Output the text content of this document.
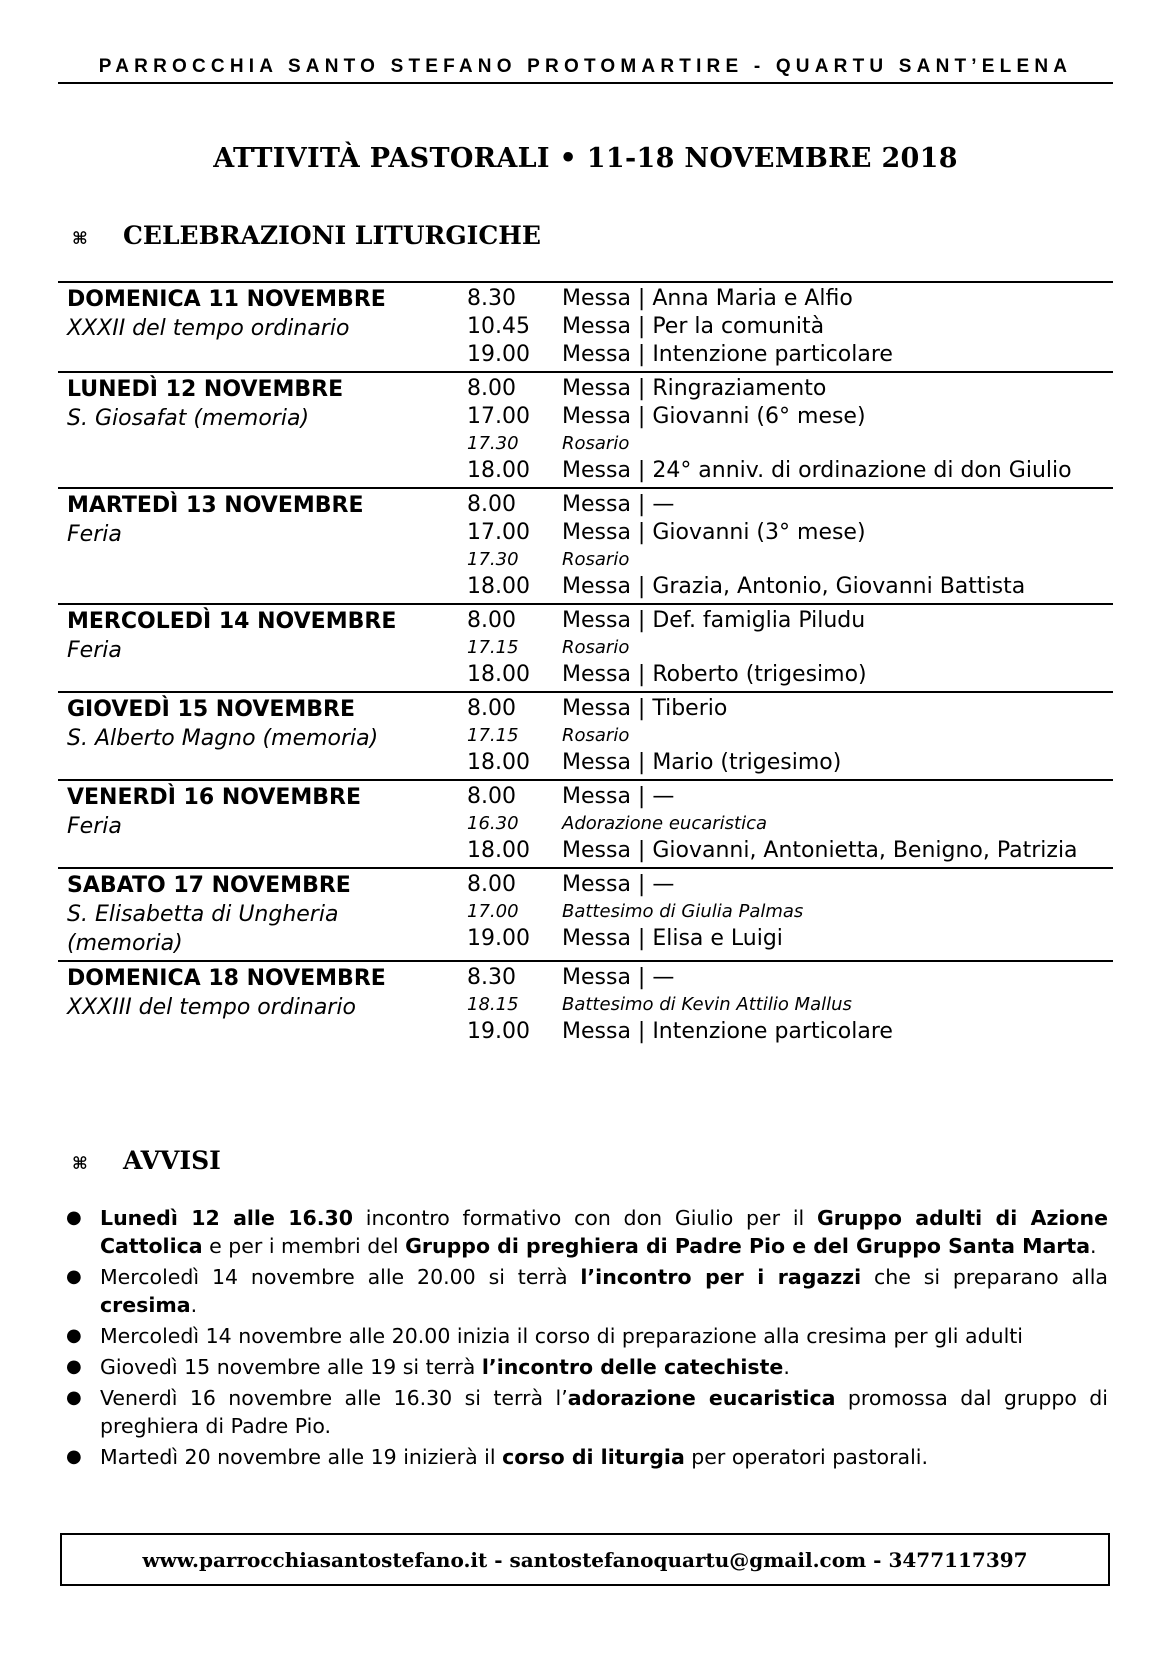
PARROCCHIA SANTO STEFANO PROTOMARTIRE - QUARTU SANT’ELENA
ATTIVITÀ PASTORALI • 11-18 NOVEMBRE 2018
⌘ CELEBRAZIONI LITURGICHE
DOMENICA 11 NOVEMBRE
XXXII del tempo ordinario
8.30	Messa | Anna Maria e Alfio
10.45	Messa | Per la comunità
19.00	Messa | Intenzione particolare
LUNEDÌ 12 NOVEMBRE
S. Giosafat (memoria)
8.00	Messa | Ringraziamento
17.00	Messa | Giovanni (6° mese)
17.30	Rosario
18.00	Messa | 24° anniv. di ordinazione di don Giulio
MARTEDÌ 13 NOVEMBRE
Feria
8.00	Messa | —
17.00	Messa | Giovanni (3° mese)
17.30	Rosario
18.00	Messa | Grazia, Antonio, Giovanni Battista
MERCOLEDÌ 14 NOVEMBRE
Feria
8.00	Messa | Def. famiglia Piludu
17.15	Rosario
18.00	Messa | Roberto (trigesimo)
GIOVEDÌ 15 NOVEMBRE
S. Alberto Magno (memoria)
8.00	Messa | Tiberio
17.15	Rosario
18.00	Messa | Mario (trigesimo)
VENERDÌ 16 NOVEMBRE
Feria
8.00	Messa | —
16.30	Adorazione eucaristica
18.00	Messa | Giovanni, Antonietta, Benigno, Patrizia
SABATO 17 NOVEMBRE
S. Elisabetta di Ungheria
(memoria)
8.00	Messa | —
17.00	Battesimo di Giulia Palmas
19.00	Messa | Elisa e Luigi
DOMENICA 18 NOVEMBRE
XXXIII del tempo ordinario
8.30	Messa | —
18.15	Battesimo di Kevin Attilio Mallus
19.00	Messa | Intenzione particolare
⌘ AVVISI
● Lunedì 12 alle 16.30 incontro formativo con don Giulio per il Gruppo adulti di Azione Cattolica e per i membri del Gruppo di preghiera di Padre Pio e del Gruppo Santa Marta.
● Mercoledì 14 novembre alle 20.00 si terrà l’incontro per i ragazzi che si preparano alla cresima.
● Mercoledì 14 novembre alle 20.00 inizia il corso di preparazione alla cresima per gli adulti
● Giovedì 15 novembre alle 19 si terrà l’incontro delle catechiste.
● Venerdì 16 novembre alle 16.30 si terrà l’adorazione eucaristica promossa dal gruppo di preghiera di Padre Pio.
● Martedì 20 novembre alle 19 inizierà il corso di liturgia per operatori pastorali.
www.parrocchiasantostefano.it - santostefanoquartu@gmail.com - 3477117397
